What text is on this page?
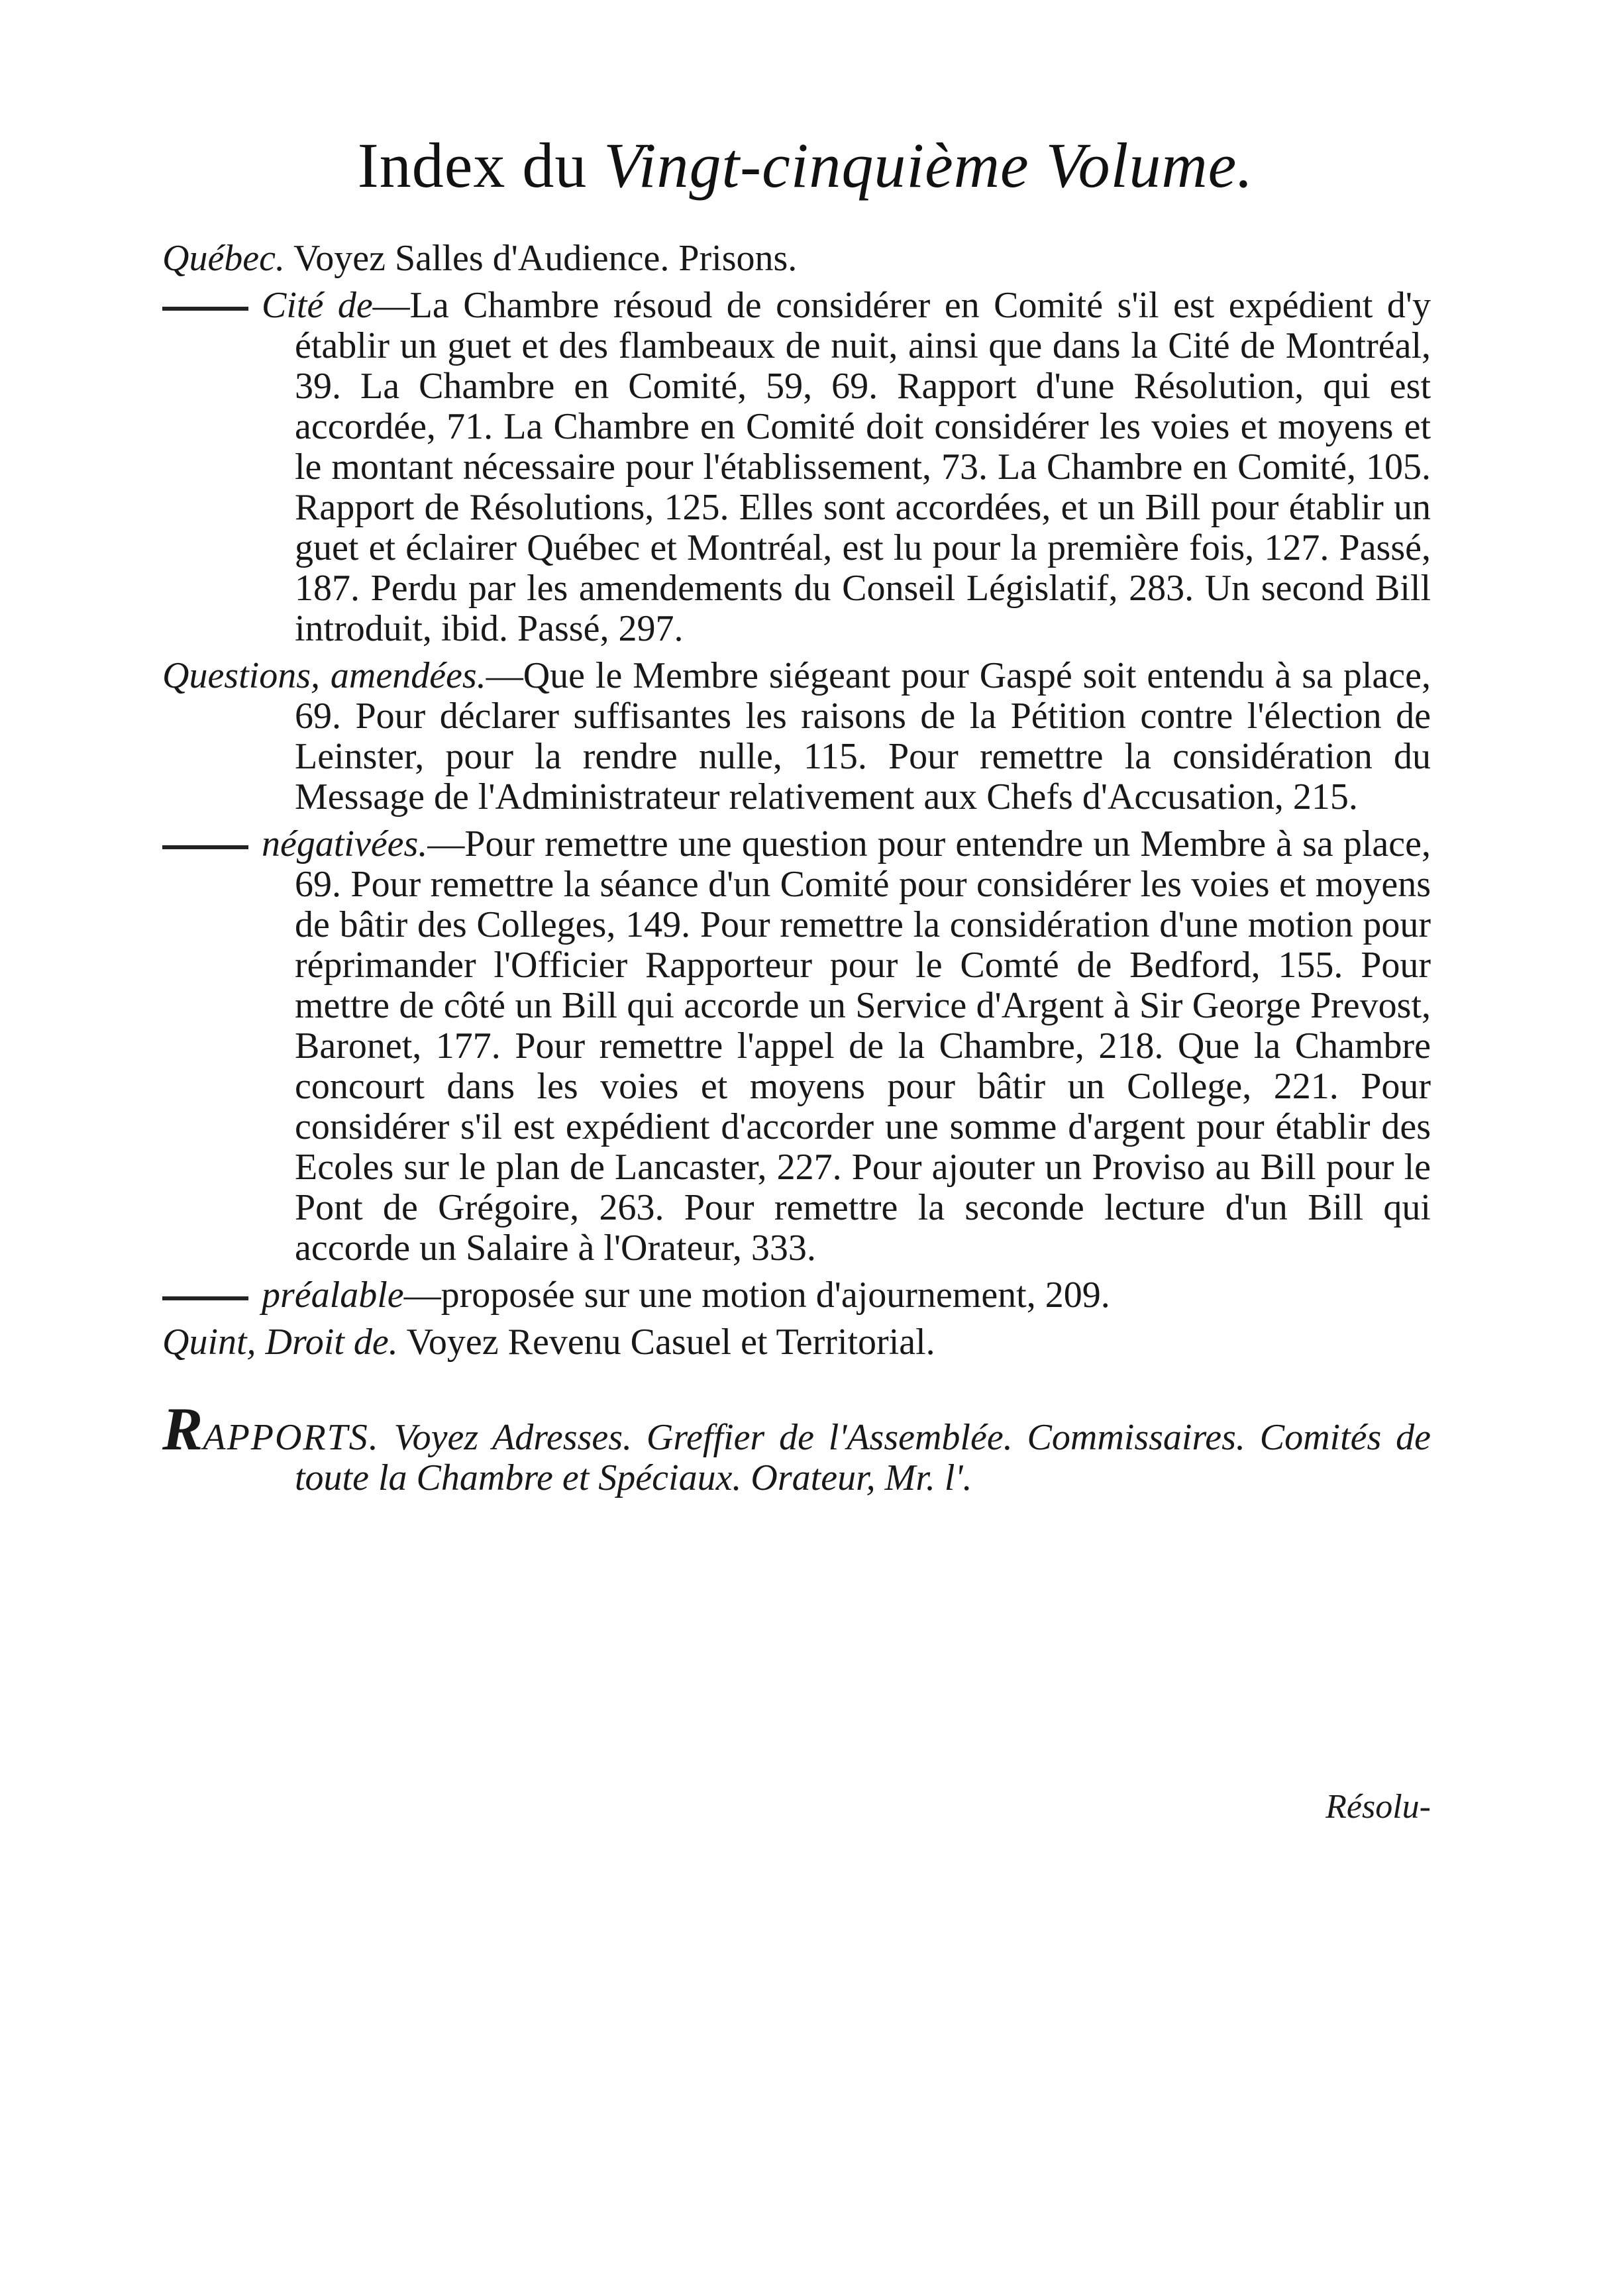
Index du Vingt-cinquième Volume.

Québec. Voyez Salles d'Audience. Prisons.

Cité de—La Chambre résoud de considérer en Comité s'il est expédient d'y établir un guet et des flambeaux de nuit, ainsi que dans la Cité de Montréal, 39. La Chambre en Comité, 59, 69. Rapport d'une Résolution, qui est accordée, 71. La Chambre en Comité doit considérer les voies et moyens et le montant nécessaire pour l'établissement, 73. La Chambre en Comité, 105. Rapport de Résolutions, 125. Elles sont accordées, et un Bill pour établir un guet et éclairer Québec et Montréal, est lu pour la première fois, 127. Passé, 187. Perdu par les amendements du Conseil Législatif, 283. Un second Bill introduit, ibid. Passé, 297.

Questions, amendées.—Que le Membre siégeant pour Gaspé soit entendu à sa place, 69. Pour déclarer suffisantes les raisons de la Pétition contre l'élection de Leinster, pour la rendre nulle, 115. Pour remettre la considération du Message de l'Administrateur relativement aux Chefs d'Accusation, 215.

négativées.—Pour remettre une question pour entendre un Membre à sa place, 69. Pour remettre la séance d'un Comité pour considérer les voies et moyens de bâtir des Colleges, 149. Pour remettre la considération d'une motion pour réprimander l'Officier Rapporteur pour le Comté de Bedford, 155. Pour mettre de côté un Bill qui accorde un Service d'Argent à Sir George Prevost, Baronet, 177. Pour remettre l'appel de la Chambre, 218. Que la Chambre concourt dans les voies et moyens pour bâtir un College, 221. Pour considérer s'il est expédient d'accorder une somme d'argent pour établir des Ecoles sur le plan de Lancaster, 227. Pour ajouter un Proviso au Bill pour le Pont de Grégoire, 263. Pour remettre la seconde lecture d'un Bill qui accorde un Salaire à l'Orateur, 333.

préalable—proposée sur une motion d'ajournement, 209.

Quint, Droit de. Voyez Revenu Casuel et Territorial.

RAPPORTS. Voyez Adresses. Greffier de l'Assemblée. Commissaires. Comités de toute la Chambre et Spéciaux. Orateur, Mr. l'.

Résolu-
